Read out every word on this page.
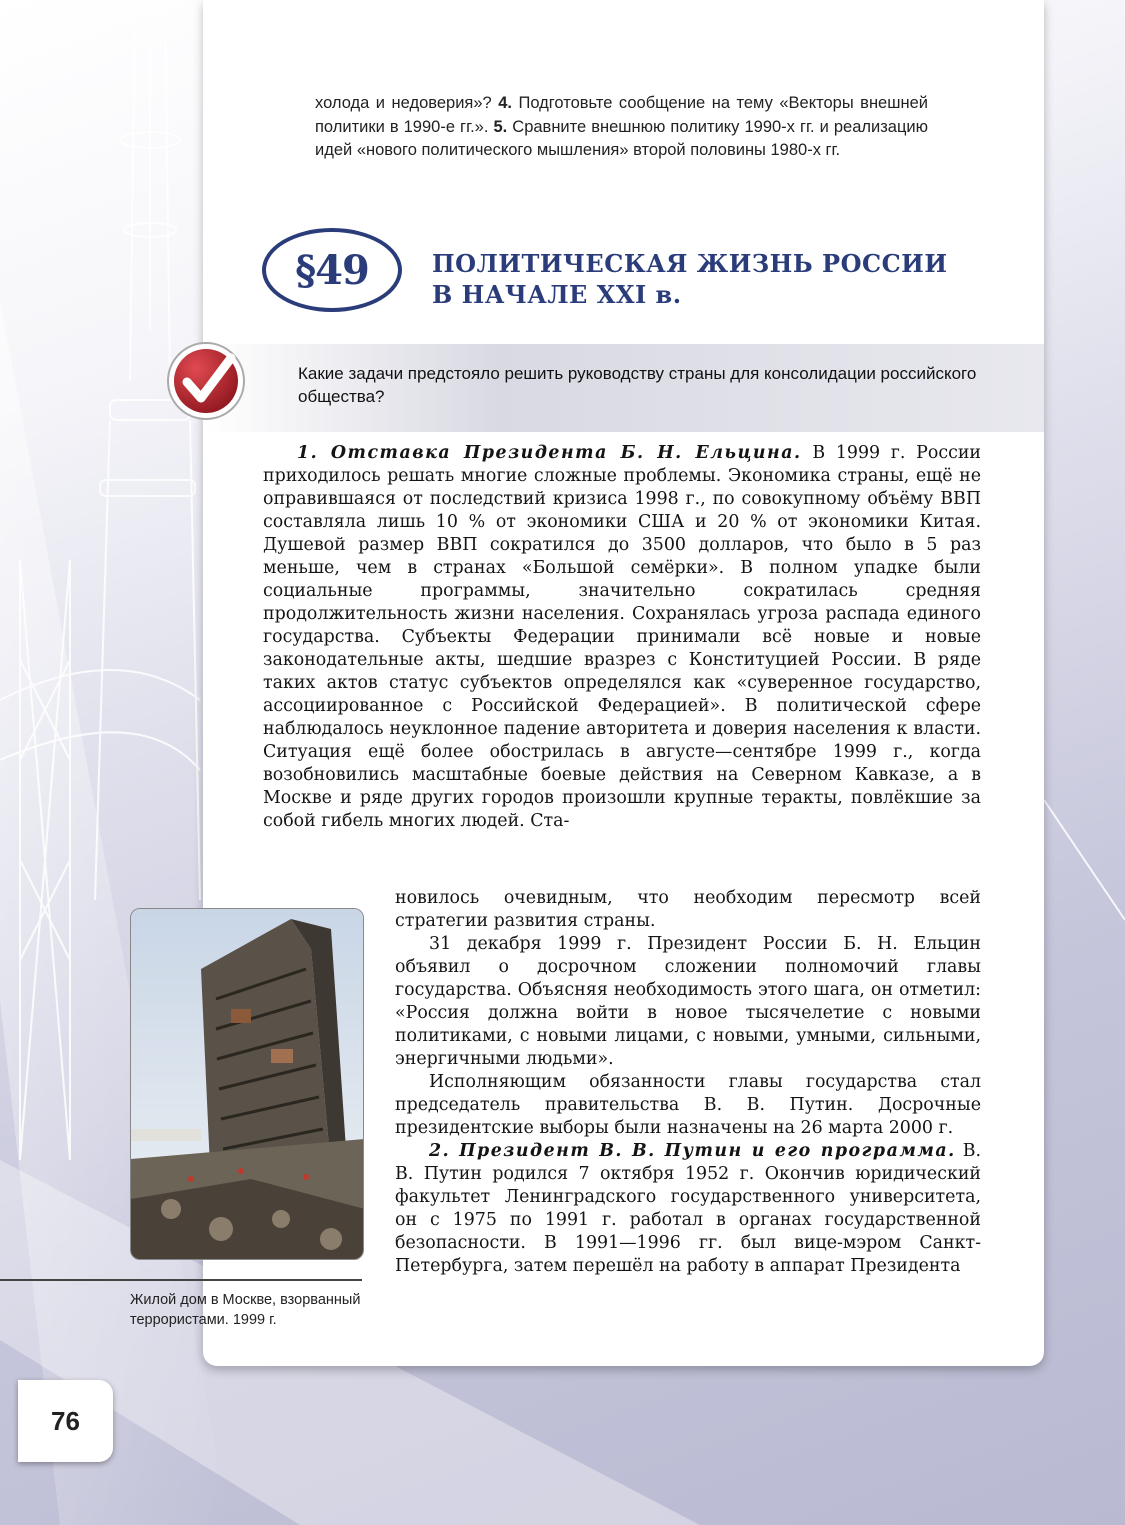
холода и недоверия»? 4. Подготовьте сообщение на тему «Векторы внешней политики в 1990-е гг.». 5. Сравните внешнюю политику 1990-х гг. и реализацию идей «нового политического мышления» второй половины 1980-х гг.
§49	ПОЛИТИЧЕСКАЯ ЖИЗНЬ РОССИИ
В НАЧАЛЕ XXI в.
Какие задачи предстояло решить руководству страны для консолидации российского общества?

1. Отставка Президента Б. Н. Ельцина. В 1999 г. России приходилось решать многие сложные проблемы. Экономика страны, ещё не оправившаяся от последствий кризиса 1998 г., по совокупному объёму ВВП составляла лишь 10 % от экономики США и 20 % от экономики Китая. Душевой размер ВВП сократился до 3500 долларов, что было в 5 раз меньше, чем в странах «Большой семёрки». В полном упадке были социальные программы, значительно сократилась средняя продолжительность жизни населения. Сохранялась угроза распада единого государства. Субъекты Федерации принимали всё новые и новые законодательные акты, шедшие вразрез с Конституцией России. В ряде таких актов статус субъектов определялся как «суверенное государство, ассоциированное с Российской Федерацией». В политической сфере наблюдалось неуклонное падение авторитета и доверия населения к власти. Ситуация ещё более обострилась в августе—сентябре 1999 г., когда возобновились масштабные боевые действия на Северном Кавказе, а в Москве и ряде других городов произошли крупные теракты, повлёкшие за собой гибель многих людей. Ста-

новилось очевидным, что необходим пересмотр всей стратегии развития страны.

31 декабря 1999 г. Президент России Б. Н. Ельцин объявил о досрочном сложении полномочий главы государства. Объясняя необходимость этого шага, он отметил: «Россия должна войти в новое тысячелетие с новыми политиками, с новыми лицами, с новыми, умными, сильными, энергичными людьми».

Исполняющим обязанности главы государства стал председатель правительства В. В. Путин. Досрочные президентские выборы были назначены на 26 марта 2000 г.

2. Президент В. В. Путин и его программа. В. В. Путин родился 7 октября 1952 г. Окончив юридический факультет Ленинградского государственного университета, он с 1975 по 1991 г. работал в органах государственной безопасности. В 1991—1996 гг. был вице-мэром Санкт-Петербурга, затем перешёл на работу в аппарат Президента

Жилой дом в Москве, взорванный террористами. 1999 г.
76
